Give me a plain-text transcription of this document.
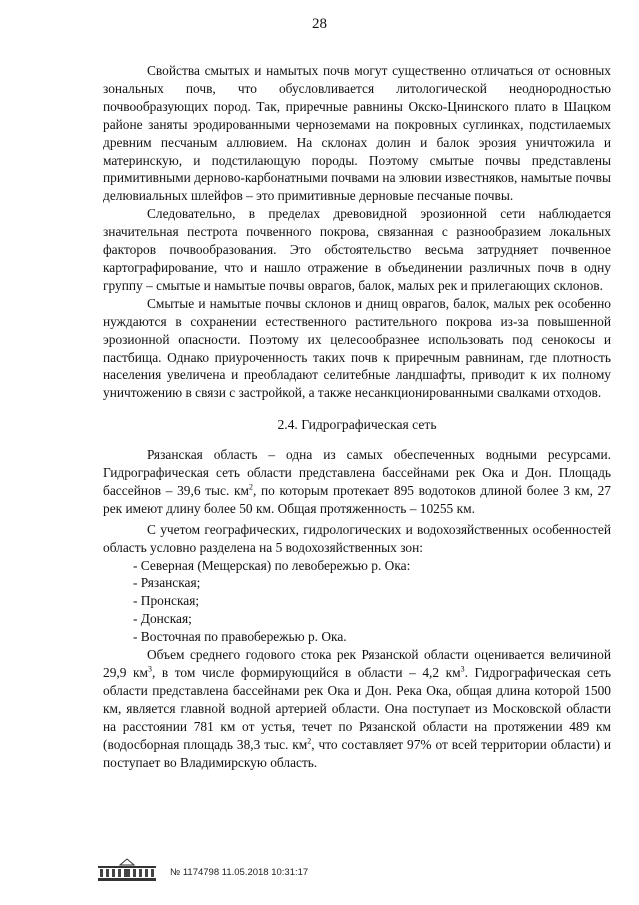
28

Свойства смытых и намытых почв могут существенно отличаться от основных зональных почв, что обусловливается литологической неоднородностью почвообразующих пород. Так, приречные равнины Окско-Цнинского плато в Шацком районе заняты эродированными черноземами на покровных суглинках, подстилаемых древним песчаным аллювием. На склонах долин и балок эрозия уничтожила и материнскую, и подстилающую породы. Поэтому смытые почвы представлены примитивными дерново-карбонатными почвами на элювии известняков, намытые почвы делювиальных шлейфов – это примитивные дерновые песчаные почвы.

Следовательно, в пределах древовидной эрозионной сети наблюдается значительная пестрота почвенного покрова, связанная с разнообразием локальных факторов почвообразования. Это обстоятельство весьма затрудняет почвенное картографирование, что и нашло отражение в объединении различных почв в одну группу – смытые и намытые почвы оврагов, балок, малых рек и прилегающих склонов.

Смытые и намытые почвы склонов и днищ оврагов, балок, малых рек особенно нуждаются в сохранении естественного растительного покрова из-за повышенной эрозионной опасности. Поэтому их целесообразнее использовать под сенокосы и пастбища. Однако приуроченность таких почв к приречным равнинам, где плотность населения увеличена и преобладают селитебные ландшафты, приводит к их полному уничтожению в связи с застройкой, а также несанкционированными свалками отходов.

2.4. Гидрографическая сеть

Рязанская область – одна из самых обеспеченных водными ресурсами. Гидрографическая сеть области представлена бассейнами рек Ока и Дон. Площадь бассейнов – 39,6 тыс. $км^2$, по которым протекает 895 водотоков длиной более 3 км, 27 рек имеют длину более 50 км. Общая протяженность – 10255 км.

С учетом географических, гидрологических и водохозяйственных особенностей область условно разделена на 5 водохозяйственных зон:

- Северная (Мещерская) по левобережью р. Ока:

- Рязанская;

- Пронская;

- Донская;

- Восточная по правобережью р. Ока.

Объем среднего годового стока рек Рязанской области оценивается величиной 29,9 $км^3$, в том числе формирующийся в области – 4,2 $км^3$. Гидрографическая сеть области представлена бассейнами рек Ока и Дон. Река Ока, общая длина которой 1500 км, является главной водной артерией области. Она поступает из Московской области на расстоянии 781 км от устья, течет по Рязанской области на протяжении 489 км (водосборная площадь 38,3 тыс. $км^2$, что составляет 97% от всей территории области) и поступает во Владимирскую область.

№ 1174798 11.05.2018 10:31:17
